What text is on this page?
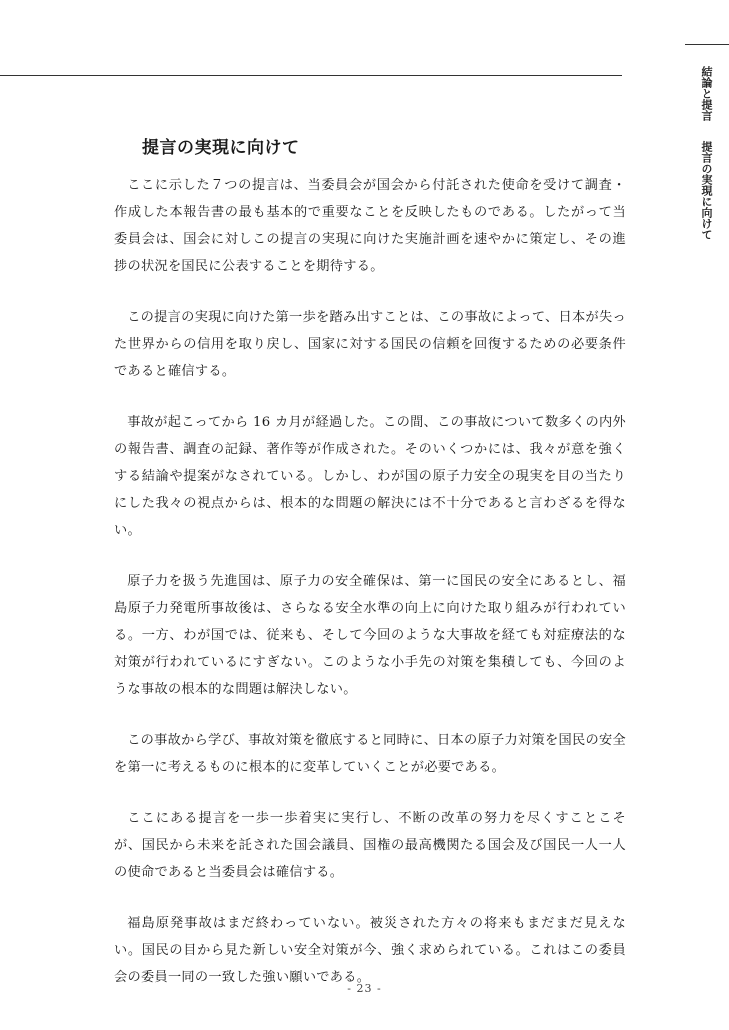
結論と提言提言の実現に向けて
提言の実現に向けて

ここに示した７つの提言は、当委員会が国会から付託された使命を受けて調査・作成した本報告書の最も基本的で重要なことを反映したものである。したがって当委員会は、国会に対しこの提言の実現に向けた実施計画を速やかに策定し、その進捗の状況を国民に公表することを期待する。

この提言の実現に向けた第一歩を踏み出すことは、この事故によって、日本が失った世界からの信用を取り戻し、国家に対する国民の信頼を回復するための必要条件であると確信する。

事故が起こってから 16 カ月が経過した。この間、この事故について数多くの内外の報告書、調査の記録、著作等が作成された。そのいくつかには、我々が意を強くする結論や提案がなされている。しかし、わが国の原子力安全の現実を目の当たりにした我々の視点からは、根本的な問題の解決には不十分であると言わざるを得ない。

原子力を扱う先進国は、原子力の安全確保は、第一に国民の安全にあるとし、福島原子力発電所事故後は、さらなる安全水準の向上に向けた取り組みが行われている。一方、わが国では、従来も、そして今回のような大事故を経ても対症療法的な対策が行われているにすぎない。このような小手先の対策を集積しても、今回のような事故の根本的な問題は解決しない。

この事故から学び、事故対策を徹底すると同時に、日本の原子力対策を国民の安全を第一に考えるものに根本的に変革していくことが必要である。

ここにある提言を一歩一歩着実に実行し、不断の改革の努力を尽くすことこそが、国民から未来を託された国会議員、国権の最高機関たる国会及び国民一人一人の使命であると当委員会は確信する。

福島原発事故はまだ終わっていない。被災された方々の将来もまだまだ見えない。国民の目から見た新しい安全対策が今、強く求められている。これはこの委員会の委員一同の一致した強い願いである。

- 23 -
